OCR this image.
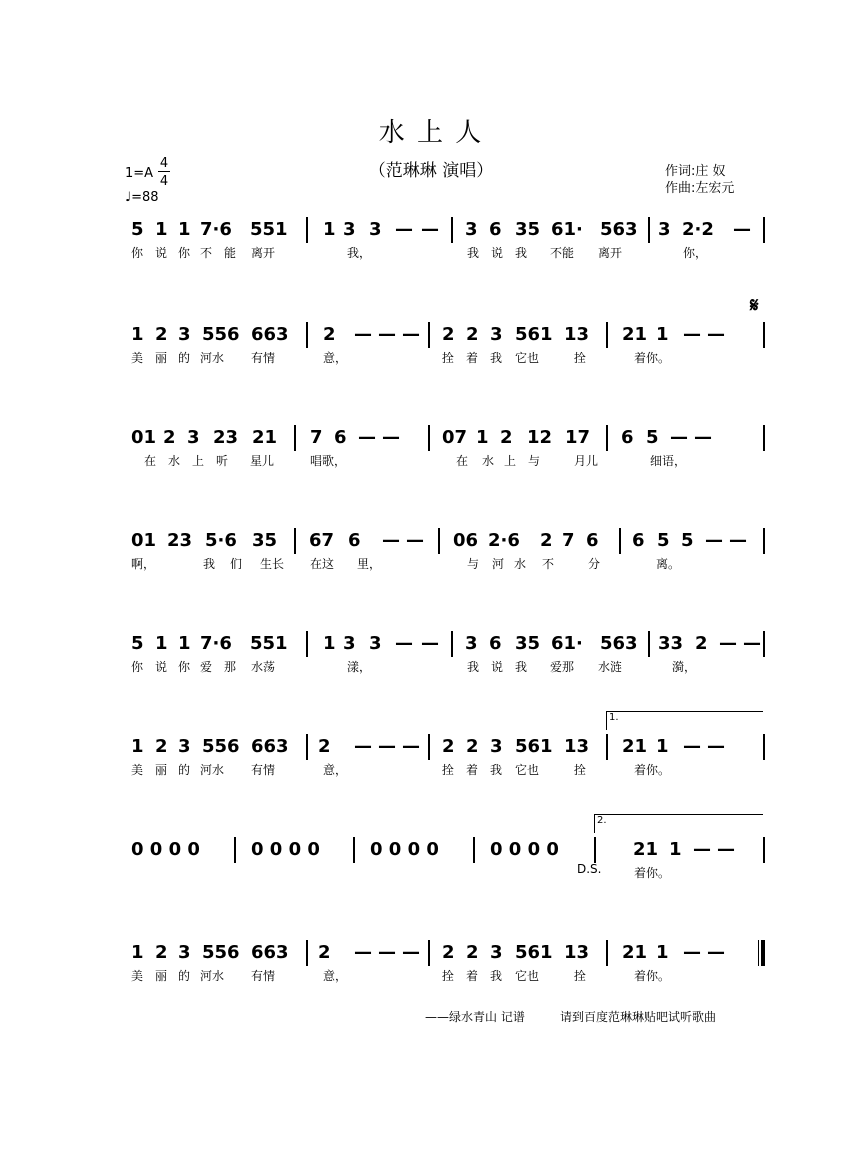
水 上 人
（范琳琳 演唱）
1=A
4
4
♩=88
作词:庄 奴
作曲:左宏元
𝄋
5 1 1 7·6 551 1 3 3 — — 3 6 35 61· 563 3 2·2 —
你 说 你 不 能 离开	我，	我 说 我 不能 离开	你，
1 2 3 556 663 2 — — — 2 2 3 561 13 21 1 — —
美 丽 的 河水 有情	意，	拴 着 我 它也	拴	着你。
01 2 3 23 21 7 6 — — 07 1 2 12 17 6 5 — —
在 水 上 听 星儿	唱歌，	在 水 上 与	月儿	细语，
01 23 5·6 35 67 6 — — 06 2·6 2 7 6 6 5 5 — —
啊，	我 们 生长 在这 里，	与 河 水 不	分	离。
5 1 1 7·6 551 1 3 3 — — 3 6 35 61· 563 33 2 — —
你 说 你 爱 那 水荡	漾，	我 说 我 爱那 水涟	漪，
1 2 3 556 663 2 — — — 2 2 3 561 13 21 1 — —
美 丽 的 河水 有情	意，	拴 着 我 它也	拴	着你。
0 0 0 0	0 0 0 0	0 0 0 0	0 0 0 0	21 1 — —
着你。
1 2 3 556 663 2 — — — 2 2 3 561 13 21 1 — —
美 丽 的 河水 有情	意，	拴 着 我 它也	拴	着你。
1.
2.
D.S.
——绿水青山 记谱	请到百度范琳琳贴吧试听歌曲
